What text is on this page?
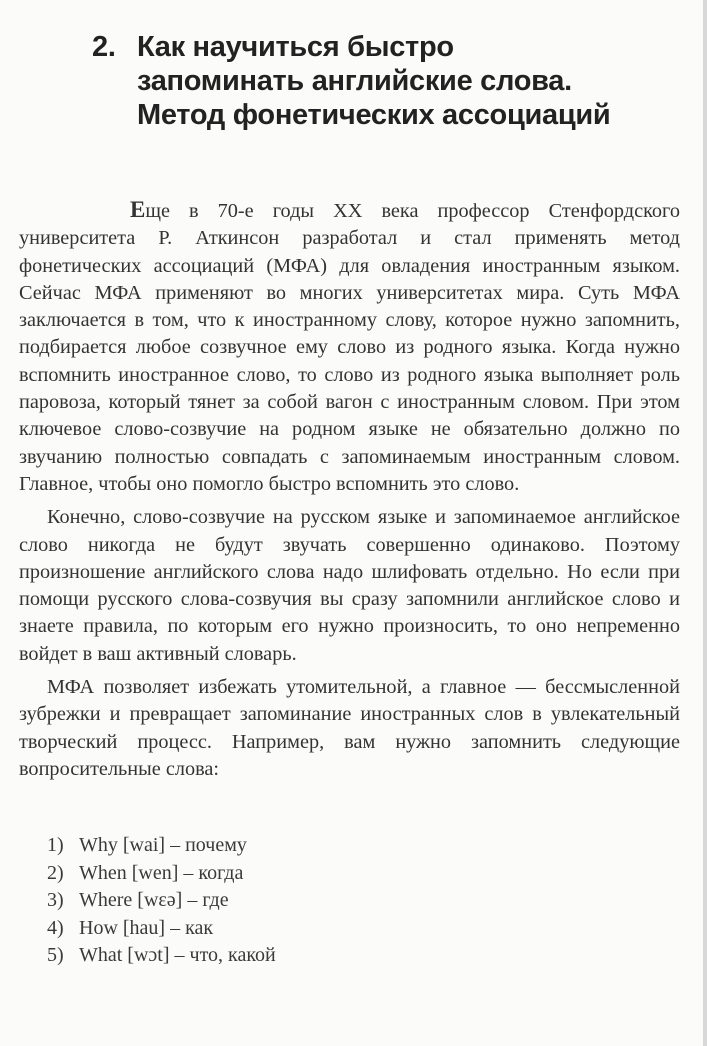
2. Как научиться быстро
запоминать английские слова.
Метод фонетических ассоциаций

Еще в 70-е годы XX века профессор Стенфордского университета Р. Аткинсон разработал и стал применять метод фонетических ассоциаций (МФА) для овладения иностранным языком. Сейчас МФА применяют во многих университетах мира. Суть МФА заключается в том, что к иностранному слову, которое нужно запомнить, подбирается любое созвучное ему слово из родного языка. Когда нужно вспомнить иностранное слово, то слово из родного языка выполняет роль паровоза, который тянет за собой вагон с иностранным словом. При этом ключевое слово-созвучие на родном языке не обязательно должно по звучанию полностью совпадать с запоминаемым иностранным словом. Главное, чтобы оно помогло быстро вспомнить это слово.

Конечно, слово-созвучие на русском языке и запоминаемое английское слово никогда не будут звучать совершенно одинаково. Поэтому произношение английского слова надо шлифовать отдельно. Но если при помощи русского слова-созвучия вы сразу запомнили английское слово и знаете правила, по которым его нужно произносить, то оно непременно войдет в ваш активный словарь.

МФА позволяет избежать утомительной, а главное — бессмысленной зубрежки и превращает запоминание иностранных слов в увлекательный творческий процесс. Например, вам нужно запомнить следующие вопросительные слова:

1) Why [wai] – почему
2) When [wen] – когда
3) Where [wεə] – где
4) How [hau] – как
5) What [wɔt] – что, какой
